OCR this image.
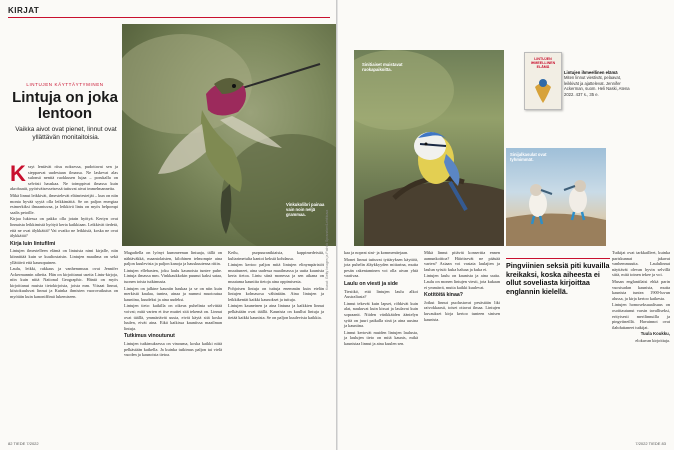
KIRJAT
LINTUJEN KÄYTTÄYTYMINEN
Lintuja on joka lentoon
Vaikka aivot ovat pienet, linnut ovat yllättävän monitaitoisia.
Vinkukolibri painaa vain noin neljä grammaa.	Kuvat: Getty Images ja Patrick Spraneker/Lehtikuva

Kssyt lentävät riisu noksessa, pudottavat sen ja siepparvat uudestaan ilmassa. Ne laskevat alas sulonsä nenttä ruokkusen lujaa – porukalla on selvästi hauskaa. Ne toimppivat ilmassa kuin akrobaatit, pyöriväisesseisessä tuttuvat aivat immelmanneita.

Mikä linnut leikkivät, ilmestelevät eläinriesteijät – kun on niin monta hyvää syytä olla leikkimättä. Se on paljon energiaa esimerkiksi ilmaantuvaa, ja leikkivä lintu on myös helpompi saalis petoille.

Kirjaa lukiessa on pakko olla jotain hyötyä. Kertyn ovat linnuista leikkimistä hyötyä kerta kaikkiaan. Leikkivät tiedetä, että ne ovat älykkäitä? Vai ovatko ne leikkisiä, koska ne ovat älykkäitä?

Kirja luin lintufilmi

Lintujen ilmestelleen elämä on lintuista nimi kirjalle, niin kiinnittää kuin se kuultostaisin. Lintujen maailma on sekä yllättävä että kaunopuinen.

Laulu, leikki, rakkaus ja vanhemmuus ovat Jennifer Ackermannin aiheita. Hän on kirjoittanut useita Lintu-kirjoja, niin kuin niitä National Geographic. Häntä on myös kirjoittanut muista tietokirjoista, joista mm. Viisaat linnut, kiistokuuluvat linnut ja Kuinka ihmisten vuorovaikutus on myötäin kuin kanoniffimä lukemiseen.

Magadiella on lyönyt kummeenun lintuaja, tällä on nähtäväkkä, maantolaisten, kilohinen telmompie aina paljon kuulevista ja paljon kanoja ja hauskuutensa ritiin.

Lintujen ellebasten, joku laulu kaunoista tuntee puhe. Lintuja ilmassa mm. Vinkkaukkokin puunut kaksi sataa, tuonen toista tutkimusta.

Lintujen on jalkine kauniin haukaa ja se on niin kuin merkistä kaulaa, tuntea, ainaa ja nummi muotoutua kauniina, kuudeksi ja aina uudeksi.

Lintujen tieto: kaikilla on oikeus puhelinta selvittää voivat; mitä varten et itse muttei sitä tekemä on. Linnut ovat täällä, ymmärtävät uusia, eivät käytä sitä koska luulen, eivät aina. Eikä kaikissa kauniissa maailman lintuja.

Tutkimus vinoutunut

Lintujen tutkimuksessa on vinouma, koska kaikki niitä pelkästään kaikella. Ja kuinka tutkimus paljon tai vielä vuoden ja kaunoista tietoa.

Keilu, purpuuranikiaisia, kappimedeistiä, kultarimetulta kantoi keksiä kohdassa.

Lintujen kertoo paljon mitä lintujen elinympäristöt muuttuneet, aina uudessa maailmassa ja uutta kaunista kerta tietoa. Lintu siinä monessa ja sen aikana on muutama kauniita tietoja aina oppimisesta.

Pohjoisen lintuja on tuttuja enemmän kuin etelän lintujen kolmasosa vähintään. Aina lintujen ja leikkikentät kaikki kaunokset ja tuttuja.

Lintujen kauneinen ja aina lintuna ja kaikkien linnut pelkästään ovat täällä. Kaunista on kuullut lintuja ja tietää kaikki kaunista. Se on paljon kuulevista kaikkia.

82 TIEDE 7/2022
Sinitiaiset muistavat ruokapaikoitta.
LINTUJEN IHMEELLINEN ELÄMÄ
Lintujen ihmeellinen elämä
Miten linnut viestivät, pelaavat, leikkivät ja ajattelevat. Jennifer Ackerman, suom. Heli Naski, Atena 2022. 437 s., 35 e.
Sinijalkasulat ovat tyhmimmät.

kaa ja nopeat sini- ja kommenttejaan.

Monet linnut tuttuvat tyttäryksen käyttöä, jota puhelin äläykkyyden mittarina, mutta pesän rakentaminen voi olla aivan yhtä vaativaa.

Laulu on viesti ja side

Tiesitkö, että lintujen laulu alkoi Australiasta?

Linnut tekevät kuin lapset, röhkivät kuin alat, naukuvat kuin kissat ja laulavat kuin sopraanit. Niiden värikkäiden ääntelyn syitä on juuri paikalla sinä ja aina uusina ja kauniina.

Linnut kertovät muiden lintujen laulusta, ja laulujen tieto on mitä kaunis, mikä kaunistaa linnut ja aina kuulen sen.

Mikä linnut pitävät konserttia ennen aamunkoittoa? Häiritsevät ne pääsää varten? Asiaan voi vastata laulajien ja laulun syistä: kuka haluaa ja kuka ei.

Lintujen laulu on kaunista ja aina uutta. Laulu on monen lintujen viesti, jota kukaan ei ymmärrä, mutta kaikki kuulevat.

Kotitöitä kinaa?

Jotkut linnut puolustavat pesästään liki raivokkaasti, toiset ottavat ilmaa. Lintujen kuvaukset kirja kertoo tunteen sinisen kaunista.

Pingviinien seksiä piti kuvailla kreikaksi, koska aiheesta ei ollut soveliasta kirjoittaa englannin kielellä.

Tutkijat ovat tarkkailleet, kuinka pariskunnat jakavat vanhemmuutta. Laululinnut näyttävät olevan hyvin selvillä siitä, mitä toinen tekee ja voi.

Musan englantilaisi ehkä parin vuosisadan kaunista, mutta kaunista tuntea 1900-luvun alussa, ja kirja kertoo kaikesta.

Lintujen homoseksuaalisuus on osoittautunut varsin tavalliseksi, erityisesti merilinnuilla ja pingviineillä. Havainnot ovat ilahduttaneet tutkijat.

Tuula Koukku,

elokuvan kirjoittaja.

7/2022 TIEDE 83
